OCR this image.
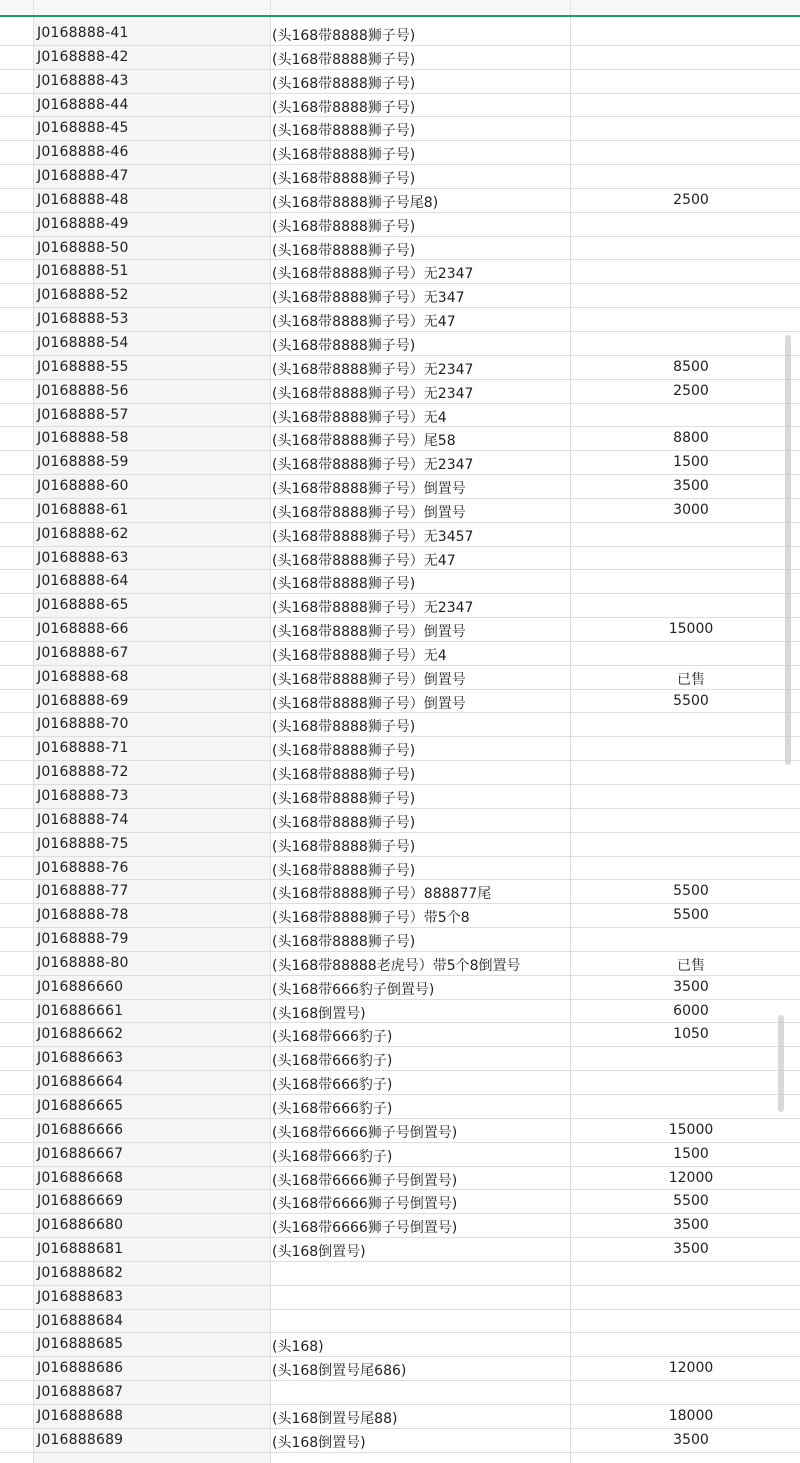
J0168888-41	(头168带8888狮子号)
J0168888-42	(头168带8888狮子号)
J0168888-43	(头168带8888狮子号)
J0168888-44	(头168带8888狮子号)
J0168888-45	(头168带8888狮子号)
J0168888-46	(头168带8888狮子号)
J0168888-47	(头168带8888狮子号)
J0168888-48	(头168带8888狮子号尾8)	2500
J0168888-49	(头168带8888狮子号)
J0168888-50	(头168带8888狮子号)
J0168888-51	(头168带8888狮子号）无2347
J0168888-52	(头168带8888狮子号）无347
J0168888-53	(头168带8888狮子号）无47
J0168888-54	(头168带8888狮子号)
J0168888-55	(头168带8888狮子号）无2347	8500
J0168888-56	(头168带8888狮子号）无2347	2500
J0168888-57	(头168带8888狮子号）无4
J0168888-58	(头168带8888狮子号）尾58	8800
J0168888-59	(头168带8888狮子号）无2347	1500
J0168888-60	(头168带8888狮子号）倒置号	3500
J0168888-61	(头168带8888狮子号）倒置号	3000
J0168888-62	(头168带8888狮子号）无3457
J0168888-63	(头168带8888狮子号）无47
J0168888-64	(头168带8888狮子号)
J0168888-65	(头168带8888狮子号）无2347
J0168888-66	(头168带8888狮子号）倒置号	15000
J0168888-67	(头168带8888狮子号）无4
J0168888-68	(头168带8888狮子号）倒置号	已售
J0168888-69	(头168带8888狮子号）倒置号	5500
J0168888-70	(头168带8888狮子号)
J0168888-71	(头168带8888狮子号)
J0168888-72	(头168带8888狮子号)
J0168888-73	(头168带8888狮子号)
J0168888-74	(头168带8888狮子号)
J0168888-75	(头168带8888狮子号)
J0168888-76	(头168带8888狮子号)
J0168888-77	(头168带8888狮子号）888877尾	5500
J0168888-78	(头168带8888狮子号）带5个8	5500
J0168888-79	(头168带8888狮子号)
J0168888-80	(头168带88888老虎号）带5个8倒置号	已售
J016886660	(头168带666豹子倒置号)	3500
J016886661	(头168倒置号)	6000
J016886662	(头168带666豹子)	1050
J016886663	(头168带666豹子)
J016886664	(头168带666豹子)
J016886665	(头168带666豹子)
J016886666	(头168带6666狮子号倒置号)	15000
J016886667	(头168带666豹子)	1500
J016886668	(头168带6666狮子号倒置号)	12000
J016886669	(头168带6666狮子号倒置号)	5500
J016886680	(头168带6666狮子号倒置号)	3500
J016888681	(头168倒置号)	3500
J016888682
J016888683
J016888684
J016888685	(头168)
J016888686	(头168倒置号尾686)	12000
J016888687
J016888688	(头168倒置号尾88)	18000
J016888689	(头168倒置号)	3500
